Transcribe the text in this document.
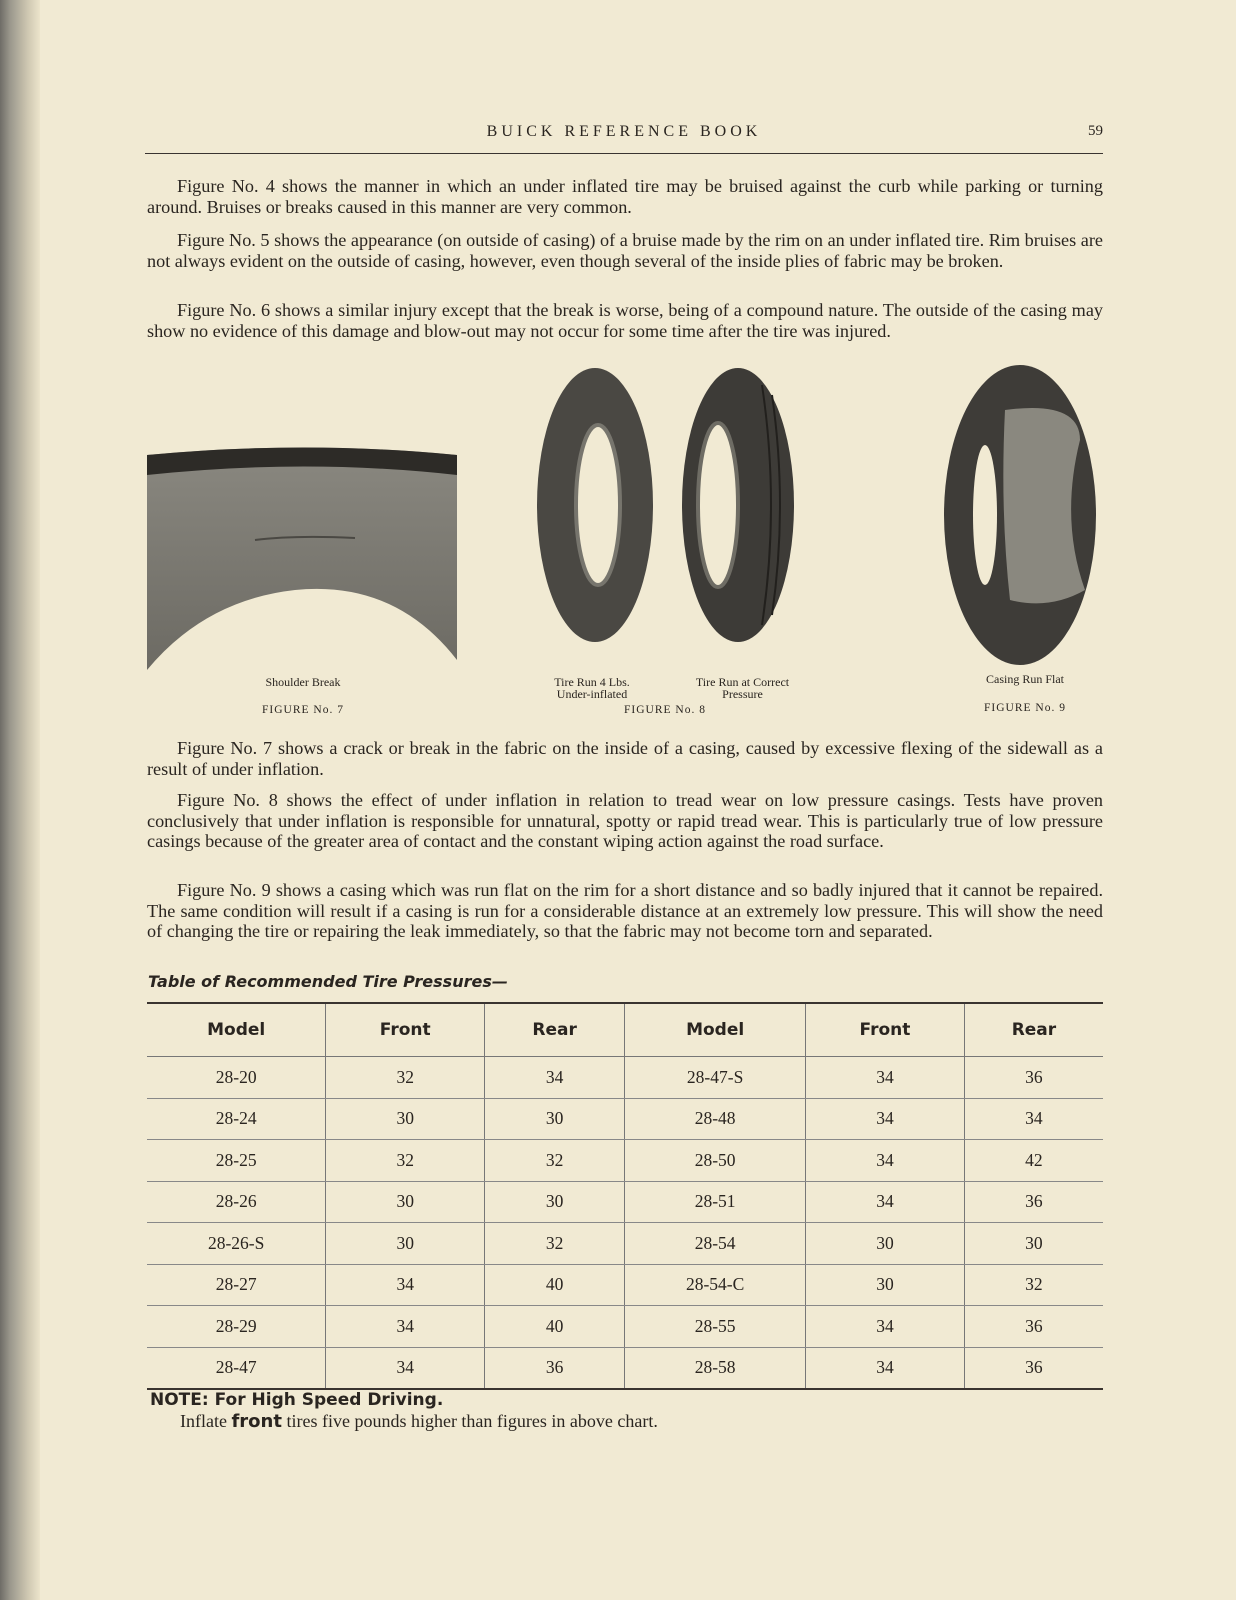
BUICK REFERENCE BOOK	59

Figure No. 4 shows the manner in which an under inflated tire may be bruised against the curb while parking or turning around. Bruises or breaks caused in this manner are very common.

Figure No. 5 shows the appearance (on outside of casing) of a bruise made by the rim on an under inflated tire. Rim bruises are not always evident on the outside of casing, however, even though several of the inside plies of fabric may be broken.

Figure No. 6 shows a similar injury except that the break is worse, being of a compound nature. The outside of the casing may show no evidence of this damage and blow-out may not occur for some time after the tire was injured.

Shoulder Break
FIGURE No. 7
Tire Run 4 Lbs.
Under-inflated
Tire Run at Correct
Pressure
FIGURE No. 8
Casing Run Flat
FIGURE No. 9

Figure No. 7 shows a crack or break in the fabric on the inside of a casing, caused by excessive flexing of the sidewall as a result of under inflation.

Figure No. 8 shows the effect of under inflation in relation to tread wear on low pressure casings. Tests have proven conclusively that under inflation is responsible for unnatural, spotty or rapid tread wear. This is particularly true of low pressure casings because of the greater area of contact and the constant wiping action against the road surface.

Figure No. 9 shows a casing which was run flat on the rim for a short distance and so badly injured that it cannot be repaired. The same condition will result if a casing is run for a considerable distance at an extremely low pressure. This will show the need of changing the tire or repairing the leak immediately, so that the fabric may not become torn and separated.

Table of Recommended Tire Pressures—
Model	Front	Rear	Model	Front	Rear
28-20	32	34	28-47-S	34	36
28-24	30	30	28-48	34	34
28-25	32	32	28-50	34	42
28-26	30	30	28-51	34	36
28-26-S	30	32	28-54	30	30
28-27	34	40	28-54-C	30	32
28-29	34	40	28-55	34	36
28-47	34	36	28-58	34	36
NOTE: For High Speed Driving.
Inflate front tires five pounds higher than figures in above chart.
